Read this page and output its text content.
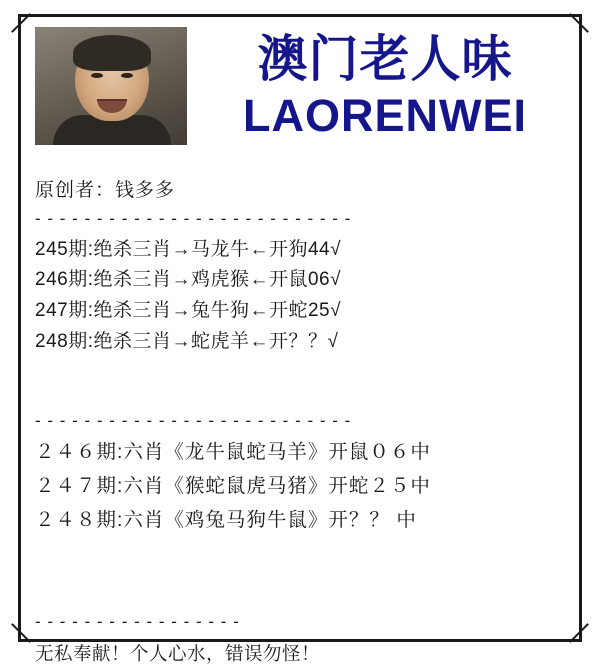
澳门老人味
LAORENWEI
原创者：钱多多
- - - - - - - - - - - - - - - - - - - - - - - - - -
245期:绝杀三肖→马龙牛←开狗44√
246期:绝杀三肖→鸡虎猴←开鼠06√
247期:绝杀三肖→兔牛狗←开蛇25√
248期:绝杀三肖→蛇虎羊←开？？√
- - - - - - - - - - - - - - - - - - - - - - - - - -
２４６期:六肖《龙牛鼠蛇马羊》开鼠０６中
２４７期:六肖《猴蛇鼠虎马猪》开蛇２５中
２４８期:六肖《鸡兔马狗牛鼠》开？？ 中
- - - - - - - - - - - - - - - - -
无私奉献！个人心水，错误勿怪！
